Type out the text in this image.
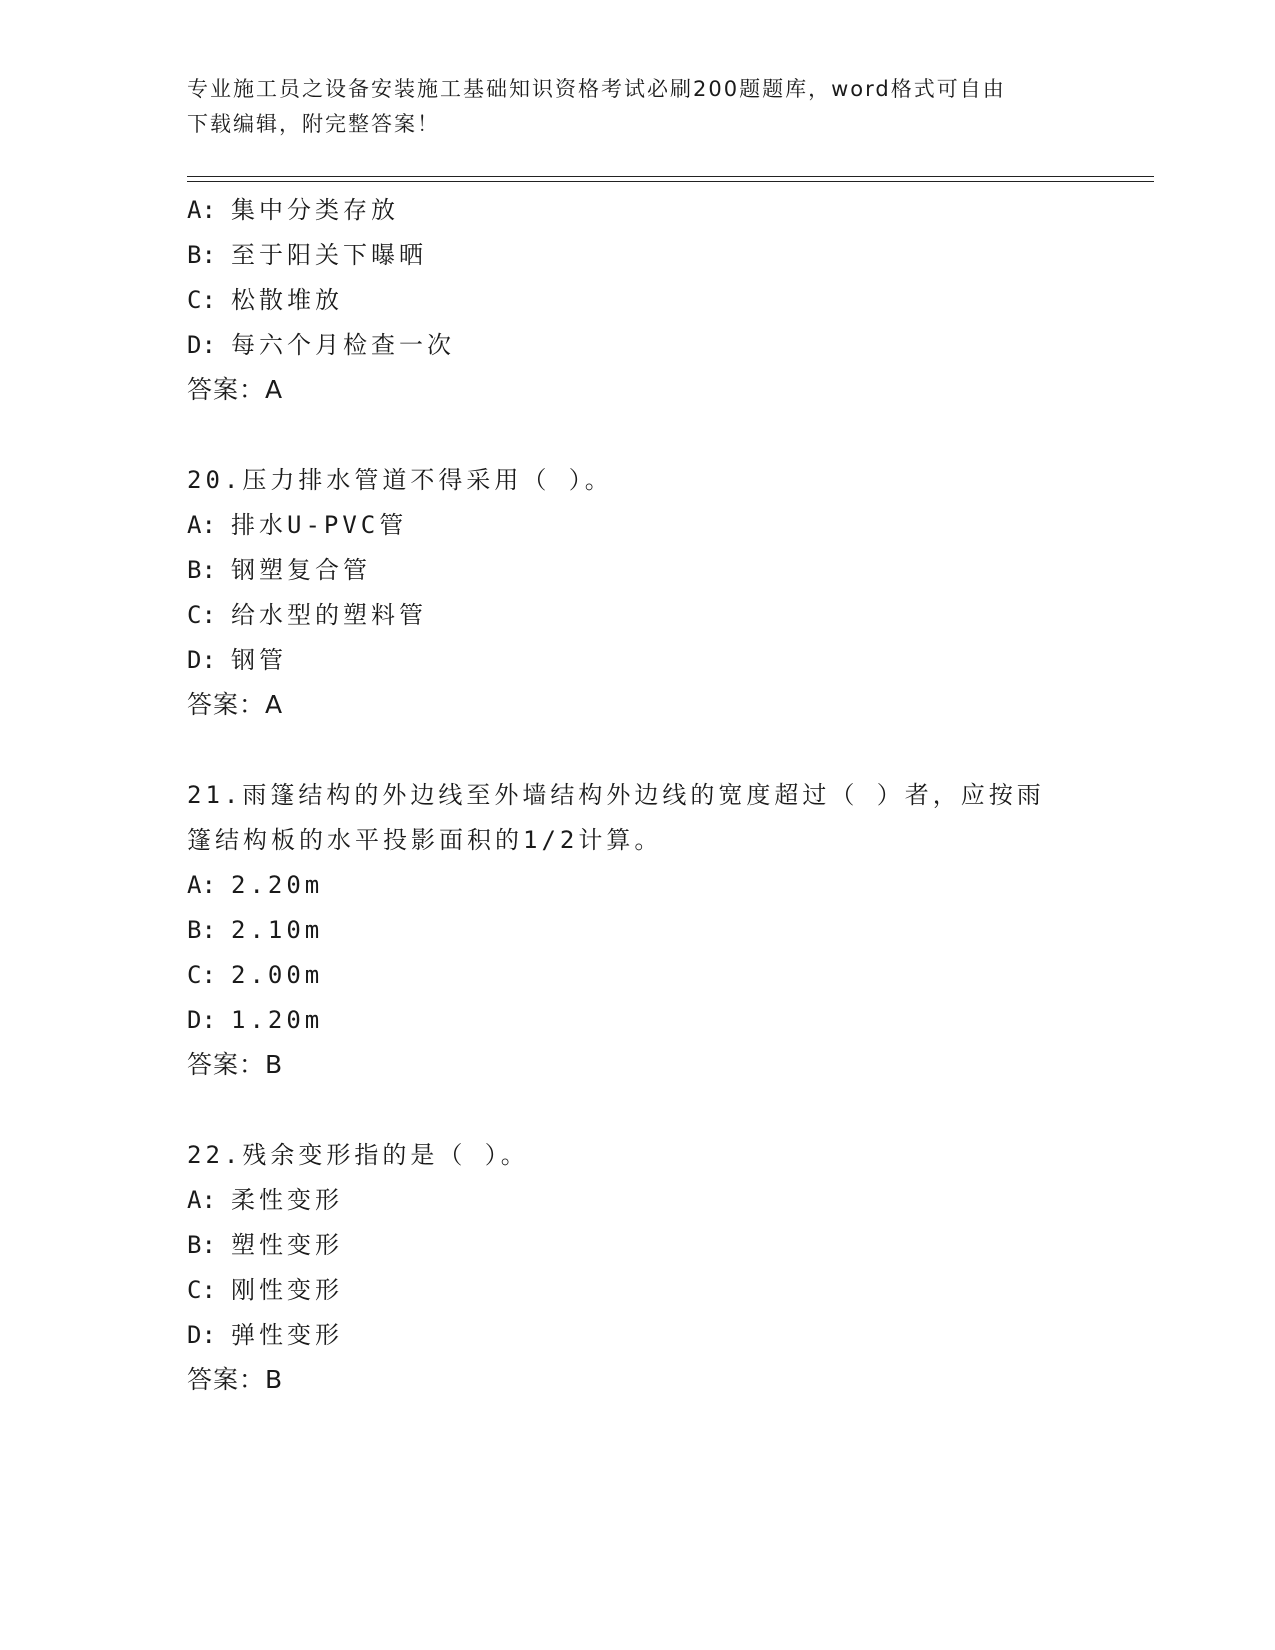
专业施工员之设备安装施工基础知识资格考试必刷200题题库，word格式可自由
下载编辑，附完整答案！
A: 集中分类存放
B: 至于阳关下曝晒
C: 松散堆放
D: 每六个月检查一次
答案：A
20.压力排水管道不得采用（ ）。
A: 排水U-PVC管
B: 钢塑复合管
C: 给水型的塑料管
D: 钢管
答案：A
21.雨篷结构的外边线至外墙结构外边线的宽度超过（ ）者，应按雨
篷结构板的水平投影面积的1/2计算。
A: 2.20m
B: 2.10m
C: 2.00m
D: 1.20m
答案：B
22.残余变形指的是（ ）。
A: 柔性变形
B: 塑性变形
C: 刚性变形
D: 弹性变形
答案：B
